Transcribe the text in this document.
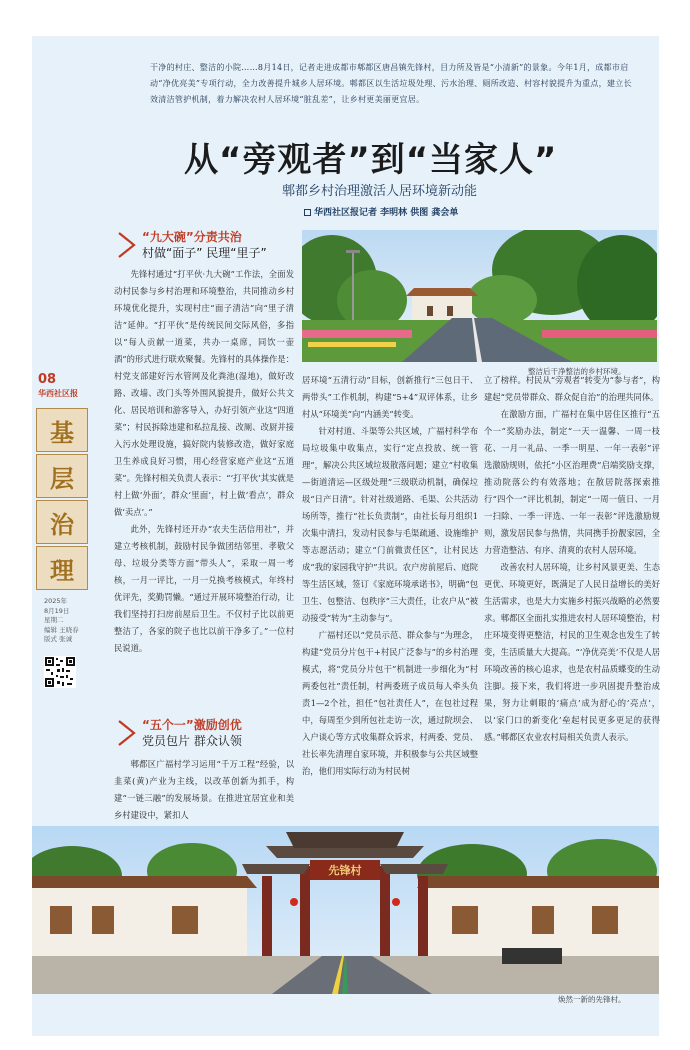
干净的村庄、整洁的小院……8月14日，记者走进成都市郫都区唐昌镇先锋村，目力所及皆是“小清新”的景象。今年1月，成都市启动“净优亮美”专项行动，全力改善提升城乡人居环境。郫都区以生活垃圾处理、污水治理、厕所改造、村容村貌提升为重点，建立长效清洁管护机制，着力解决农村人居环境“脏乱差”，让乡村更美丽更宜居。
从“旁观者”到“当家人”
郫都乡村治理激活人居环境新动能
华西社区报记者 李明林 供图 龚会单
08
华西社区报
基
层
治
理
2025年
8月19日
星期二
编辑 王晓春
版式 张诚
“九大碗”分责共治
村做“面子” 民理“里子”

先锋村通过“打平伙·九大碗”工作法，全面发动村民参与乡村治理和环境整治，共同推动乡村环境优化提升，实现村庄“面子清洁”向“里子清洁”延伸。“打平伙”是传统民间交际风俗，多指以“每人贡献一道菜，共办一桌席，同饮一壶酒”的形式进行联欢聚餐。先锋村的具体操作是：村党支部建好污水管网及化粪池(湿地)，做好改路、改墙、改门头等外围风貌提升，做好公共文化、居民培训和游客导入，办好引领产业这“四道菜”；村民拆除违建和私拉乱接、改厕、改厨并接入污水处理设施，搞好院内装修改造，做好家庭卫生养成良好习惯，用心经营家庭产业这“五道菜”。先锋村相关负责人表示：“‘打平伙’其实就是村上做‘外面’，群众‘里面’，村上做‘看点’，群众做‘卖点’。”

此外，先锋村还开办“农夫生活信用社”，并建立考核机制，鼓励村民争做团结邻里、孝敬父母、垃圾分类等方面“带头人”，采取一周一考核，一月一评比，一月一兑换考核模式，年终村优评先，奖勤罚懒。“通过开展环境整治行动，让我们坚持打扫房前屋后卫生。不仅村子比以前更整洁了，各家的院子也比以前干净多了。”一位村民说道。

“五个一”激励创优
党员包片 群众认领

郫都区广福村学习运用“千万工程”经验，以韭菜(黄)产业为主线，以改革创新为抓手，构建“一链三融”的发展场景。在推进宜居宜业和美乡村建设中，紧扣人

整洁后干净整洁的乡村环境。

居环境“五清行动”目标，创新推行“三包日干、两带头”工作机制，构建“5+4”双评体系，让乡村从“环境美”向“内涵美”转变。

针对村道、斗渠等公共区域，广福村科学布局垃圾集中收集点，实行“定点投放、统一管理”，解决公共区域垃圾散落问题；建立“村收集—街道清运—区级处理”三级联动机制，确保垃圾“日产日清”。针对社级道路、毛渠、公共活动场所等，推行“社长负责制”，由社长每月组织1次集中清扫，发动村民参与毛渠疏通、设施维护等志愿活动；建立“门前微责任区”，让村民达成“我的家园我守护”共识。农户房前屋后、庭院等生活区域，签订《家庭环境承诺书》，明确“包卫生、包整洁、包秩序”三大责任，让农户从“被动接受”转为“主动参与”。

广福村还以“党员示范、群众参与”为理念，构建“党员分片包干+村民广泛参与”的乡村治理模式，将“党员分片包干”机制进一步细化为“村两委包社”责任制，村两委班子成员每人牵头负责1—2个社，担任“包社责任人”，在包社过程中，每周至少到所包社走访一次，通过院坝会、入户谈心等方式收集群众诉求，村两委、党员、社长率先清理自家环境，并积极参与公共区域整治，他们用实际行动为村民树

立了榜样。村民从“旁观者”转变为“参与者”，构建起“党员带群众、群众促自治”的治理共同体。

在激励方面，广福村在集中居住区推行“五个一”奖励办法，制定“一天一温馨、一周一枝花、一月一礼品、一季一明星、一年一表彰”评选激励规则，依托“小区治理费”启端奖励支撑，推动院落公约有效落地；在散居院落探索推行“四个一”评比机制，制定“一周一值日、一月一扫除、一季一评选、一年一表彰”评选激励规则，激发居民参与热情，共同携手扮靓家园，全力营造整洁、有序、清爽的农村人居环境。

改善农村人居环境，让乡村风景更美、生态更优、环境更好，既满足了人民日益增长的美好生活需求，也是大力实施乡村振兴战略的必然要求。郫都区全面扎实推进农村人居环境整治，村庄环境变得更整洁，村民的卫生观念也发生了转变，生活质量大大提高。“‘净优亮美’不仅是人居环境改善的核心追求，也是农村品质蝶变的生动注脚。接下来，我们将进一步巩固提升整治成果，努力让刺眼的‘痛点’成为舒心的‘亮点’，以‘家门口的新变化’垒起村民更多更足的获得感。”郫都区农业农村局相关负责人表示。

先锋村
焕然一新的先锋村。
